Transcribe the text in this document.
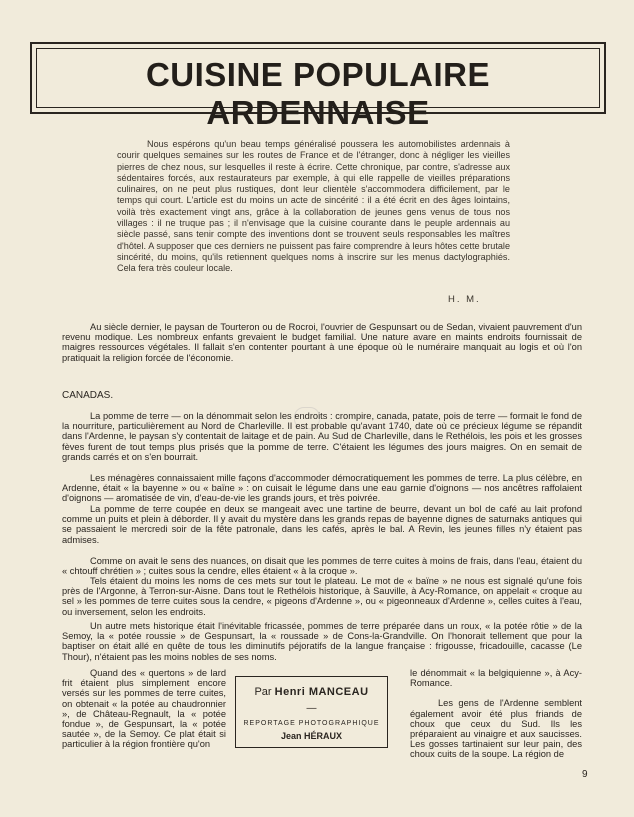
CUISINE POPULAIRE ARDENNAISE

Nous espérons qu'un beau temps généralisé poussera les automobilistes ardennais à courir quelques semaines sur les routes de France et de l'étranger, donc à négliger les vieilles pierres de chez nous, sur lesquelles il reste à écrire. Cette chronique, par contre, s'adresse aux sédentaires forcés, aux restaurateurs par exemple, à qui elle rappelle de vieilles préparations culinaires, on ne peut plus rustiques, dont leur clientèle s'accommodera difficilement, par le temps qui court. L'article est du moins un acte de sincérité : il a été écrit en des âges lointains, voilà très exactement vingt ans, grâce à la collaboration de jeunes gens venus de tous nos villages : il ne truque pas ; il n'envisage que la cuisine courante dans le peuple ardennais au siècle passé, sans tenir compte des inventions dont se trouvent seuls responsables les maîtres d'hôtel. A supposer que ces derniers ne puissent pas faire comprendre à leurs hôtes cette brutale sincérité, du moins, qu'ils retiennent quelques noms à inscrire sur les menus dactylographiés. Cela fera très couleur locale.

H. M.

Au siècle dernier, le paysan de Tourteron ou de Rocroi, l'ouvrier de Gespunsart ou de Sedan, vivaient pauvrement d'un revenu modique. Les nombreux enfants grevaient le budget familial. Une nature avare en maints endroits fournissait de maigres ressources végétales. Il fallait s'en contenter pourtant à une époque où le numéraire manquait au logis et où l'on pratiquait la religion forcée de l'économie.

CANADAS.

La pomme de terre — on la dénommait selon les endroits : crompire, canada, patate, pois de terre — formait le fond de la nourriture, particulièrement au Nord de Charleville. Il est probable qu'avant 1740, date où ce précieux légume se répandit dans l'Ardenne, le paysan s'y contentait de laitage et de pain. Au Sud de Charleville, dans le Rethélois, les pois et les grosses fèves furent de tout temps plus prisés que la pomme de terre. C'étaient les légumes des jours maigres. On en semait de grands carrés et on s'en bourrait.

Les ménagères connaissaient mille façons d'accommoder démocratiquement les pommes de terre. La plus célèbre, en Ardenne, était « la bayenne » ou « baïne » : on cuisait le légume dans une eau garnie d'oignons — nos ancêtres raffolaient d'oignons — aromatisée de vin, d'eau-de-vie les grands jours, et très poivrée.

La pomme de terre coupée en deux se mangeait avec une tartine de beurre, devant un bol de café au lait profond comme un puits et plein à déborder. Il y avait du mystère dans les grands repas de bayenne dignes de saturnaks antiques qui se passaient le mercredi soir de la fête patronale, dans les cafés, après le bal. A Revin, les jeunes filles n'y étaient pas admises.

Comme on avait le sens des nuances, on disait que les pommes de terre cuites à moins de frais, dans l'eau, étaient du « chtouff chrétien » ; cuites sous la cendre, elles étaient « à la croque ».

Tels étaient du moins les noms de ces mets sur tout le plateau. Le mot de « baïne » ne nous est signalé qu'une fois près de l'Argonne, à Terron-sur-Aisne. Dans tout le Rethélois historique, à Sauville, à Acy-Romance, on appelait « croque au sel » les pommes de terre cuites sous la cendre, « pigeons d'Ardenne », ou « pigeonneaux d'Ardenne », celles cuites à l'eau, ou inversement, selon les endroits.

Un autre mets historique était l'inévitable fricassée, pommes de terre préparée dans un roux, « la potée rôtie » de la Semoy, la « potée roussie » de Gespunsart, la « roussade » de Cons-la-Grandville. On l'honorait tellement que pour la baptiser on était allé en quête de tous les diminutifs péjoratifs de la langue française : frigousse, fricadouille, cacasse (Le Thour), n'étaient pas les moins nobles de ses noms.

Quand des « quertons » de lard frit étaient plus simplement encore versés sur les pommes de terre cuites, on obtenait « la potée au chaudronnier », de Château-Regnault, la « potée fondue », de Gespunsart, la « potée sautée », de la Semoy. Ce plat était si particulier à la région frontière qu'on

Par Henri MANCEAU
—
REPORTAGE PHOTOGRAPHIQUE
Jean HÉRAUX

le dénommait « la belgiquienne », à Acy-Romance.

Les gens de l'Ardenne semblent également avoir été plus friands de choux que ceux du Sud. Ils les préparaient au vinaigre et aux saucisses. Les gosses tartinaient sur leur pain, des choux cuits de la soupe. La région de

9
